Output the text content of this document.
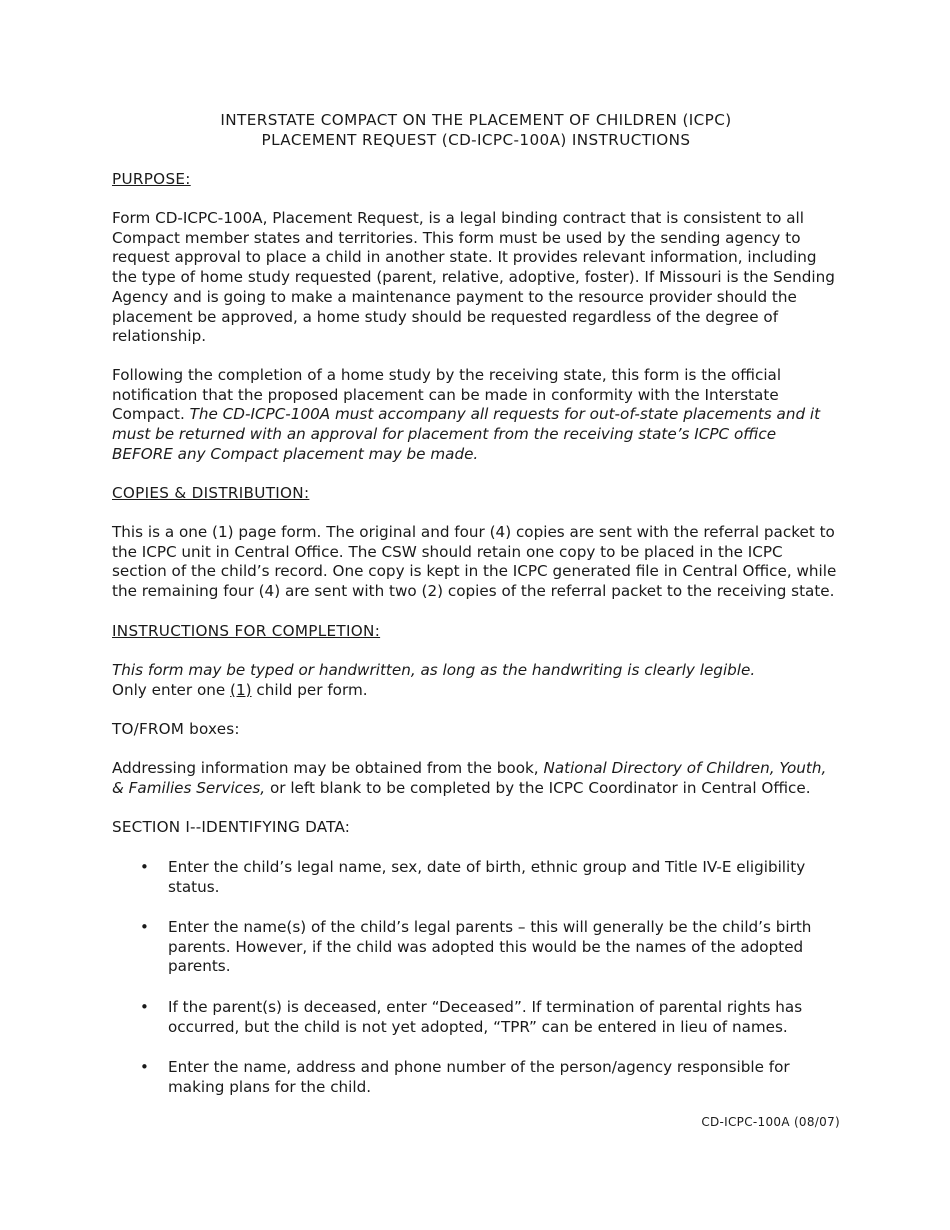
INTERSTATE COMPACT ON THE PLACEMENT OF CHILDREN (ICPC)
PLACEMENT REQUEST (CD-ICPC-100A) INSTRUCTIONS
PURPOSE:

Form CD-ICPC-100A, Placement Request, is a legal binding contract that is consistent to all Compact member states and territories. This form must be used by the sending agency to request approval to place a child in another state. It provides relevant information, including the type of home study requested (parent, relative, adoptive, foster). If Missouri is the Sending Agency and is going to make a maintenance payment to the resource provider should the placement be approved, a home study should be requested regardless of the degree of relationship.

Following the completion of a home study by the receiving state, this form is the official notification that the proposed placement can be made in conformity with the Interstate Compact. The CD-ICPC-100A must accompany all requests for out-of-state placements and it must be returned with an approval for placement from the receiving state’s ICPC office BEFORE any Compact placement may be made.

COPIES & DISTRIBUTION:

This is a one (1) page form. The original and four (4) copies are sent with the referral packet to the ICPC unit in Central Office. The CSW should retain one copy to be placed in the ICPC section of the child’s record. One copy is kept in the ICPC generated file in Central Office, while the remaining four (4) are sent with two (2) copies of the referral packet to the receiving state.

INSTRUCTIONS FOR COMPLETION:
This form may be typed or handwritten, as long as the handwriting is clearly legible.
Only enter one (1) child per form.
TO/FROM boxes:

Addressing information may be obtained from the book, National Directory of Children, Youth, & Families Services, or left blank to be completed by the ICPC Coordinator in Central Office.

SECTION I--IDENTIFYING DATA:
• Enter the child’s legal name, sex, date of birth, ethnic group and Title IV-E eligibility status.
• Enter the name(s) of the child’s legal parents – this will generally be the child’s birth parents. However, if the child was adopted this would be the names of the adopted parents.
• If the parent(s) is deceased, enter “Deceased”. If termination of parental rights has occurred, but the child is not yet adopted, “TPR” can be entered in lieu of names.
• Enter the name, address and phone number of the person/agency responsible for making plans for the child.
CD-ICPC-100A (08/07)
